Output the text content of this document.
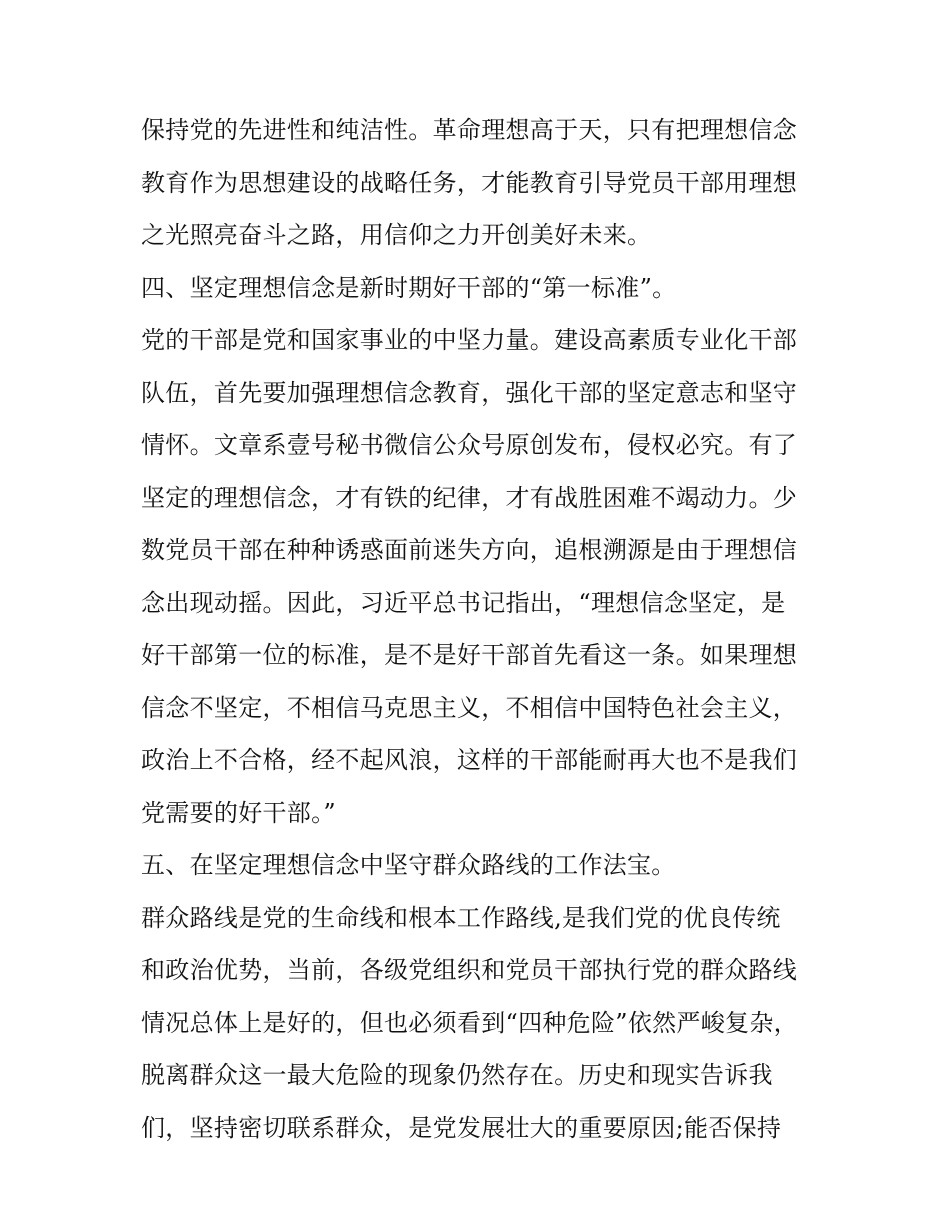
保持党的先进性和纯洁性。革命理想高于天，只有把理想信念
教育作为思想建设的战略任务，才能教育引导党员干部用理想
之光照亮奋斗之路，用信仰之力开创美好未来。
四、坚定理想信念是新时期好干部的“第一标准”。
党的干部是党和国家事业的中坚力量。建设高素质专业化干部
队伍，首先要加强理想信念教育，强化干部的坚定意志和坚守
情怀。文章系壹号秘书微信公众号原创发布，侵权必究。有了
坚定的理想信念，才有铁的纪律，才有战胜困难不竭动力。少
数党员干部在种种诱惑面前迷失方向，追根溯源是由于理想信
念出现动摇。因此，习近平总书记指出，“理想信念坚定，是
好干部第一位的标准，是不是好干部首先看这一条。如果理想
信念不坚定，不相信马克思主义，不相信中国特色社会主义，
政治上不合格，经不起风浪，这样的干部能耐再大也不是我们
党需要的好干部。”
五、在坚定理想信念中坚守群众路线的工作法宝。
群众路线是党的生命线和根本工作路线,是我们党的优良传统
和政治优势，当前，各级党组织和党员干部执行党的群众路线
情况总体上是好的，但也必须看到“四种危险”依然严峻复杂，
脱离群众这一最大危险的现象仍然存在。历史和现实告诉我
们，坚持密切联系群众，是党发展壮大的重要原因;能否保持
